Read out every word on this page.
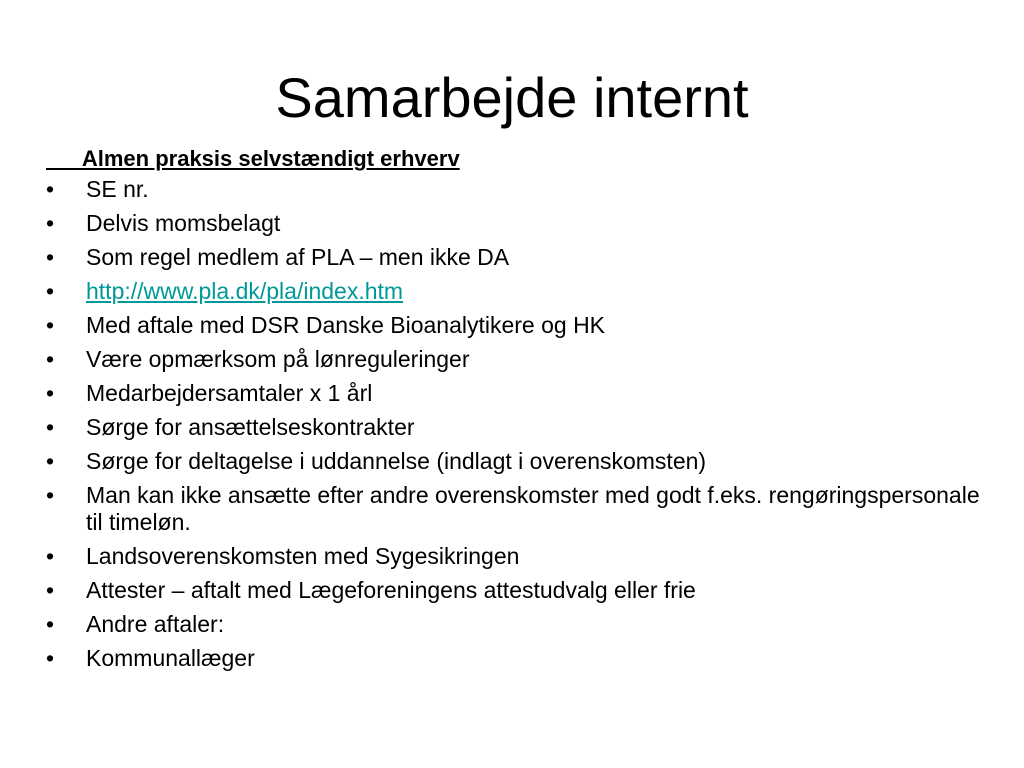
Samarbejde internt

Almen praksis selvstændigt erhverv

•	SE nr.
•	Delvis momsbelagt
•	Som regel medlem af PLA – men ikke DA
•	http://www.pla.dk/pla/index.htm
•	Med aftale med DSR Danske Bioanalytikere og HK
•	Være opmærksom på lønreguleringer
•	Medarbejdersamtaler x 1 årl
•	Sørge for ansættelseskontrakter
•	Sørge for deltagelse i uddannelse (indlagt i overenskomsten)
•	Man kan ikke ansætte efter andre overenskomster med godt f.eks. rengøringspersonale til timeløn.
•	Landsoverenskomsten med Sygesikringen
•	Attester – aftalt med Lægeforeningens attestudvalg eller frie
•	Andre aftaler:
•	Kommunallæger
